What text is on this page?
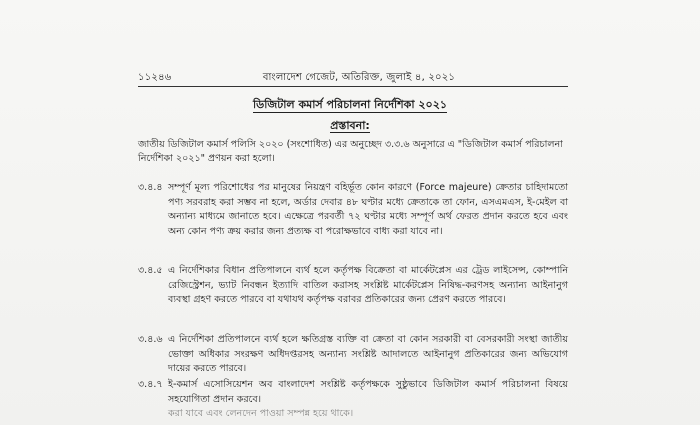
১১২৪৬	বাংলাদেশ গেজেট, অতিরিক্ত, জুলাই ৪, ২০২১
ডিজিটাল কমার্স পরিচালনা নির্দেশিকা ২০২১
প্রস্তাবনা:
জাতীয় ডিজিটাল কমার্স পলিসি ২০২০ (সংশোধিত) এর অনুচ্ছেদ ৩.৩.৬ অনুসারে এ "ডিজিটাল কমার্স পরিচালনা নির্দেশিকা ২০২১" প্রণয়ন করা হলো।
৩.৪.৪ সম্পূর্ণ মূল্য পরিশোধের পর মানুষের নিয়ন্ত্রণ বহির্ভূত কোন কারণে (Force majeure) ক্রেতার চাহিদামতো পণ্য সরবরাহ করা সম্ভব না হলে, অর্ডার দেবার ৪৮ ঘণ্টার মধ্যে ক্রেতাকে তা ফোন, এসএমএস, ই-মেইল বা অন্যান্য মাধ্যমে জানাতে হবে। এক্ষেত্রে পরবর্তী ৭২ ঘণ্টার মধ্যে সম্পূর্ণ অর্থ ফেরত প্রদান করতে হবে এবং অন্য কোন পণ্য ক্রয় করার জন্য প্রত্যক্ষ বা পরোক্ষভাবে বাধ্য করা যাবে না।
৩.৪.৫ এ নির্দেশিকার বিধান প্রতিপালনে ব্যর্থ হলে কর্তৃপক্ষ বিক্রেতা বা মার্কেটপ্লেস এর ট্রেড লাইসেন্স, কোম্পানি রেজিস্ট্রেশন, ভ্যাট নিবন্ধন ইত্যাদি বাতিল করাসহ সংশ্লিষ্ট মার্কেটপ্লেস নিষিদ্ধ-করণসহ অন্যান্য আইনানুগ ব্যবস্থা গ্রহণ করতে পারবে বা যথাযথ কর্তৃপক্ষ বরাবর প্রতিকারের জন্য প্রেরণ করতে পারবে।
৩.৪.৬ এ নির্দেশিকা প্রতিপালনে ব্যর্থ হলে ক্ষতিগ্রস্ত ব্যক্তি বা ক্রেতা বা কোন সরকারী বা বেসরকারী সংস্থা জাতীয় ভোক্তা অধিকার সংরক্ষণ অধিদপ্তরসহ অন্যান্য সংশ্লিষ্ট আদালতে আইনানুগ প্রতিকারের জন্য অভিযোগ দায়ের করতে পারবে।
৩.৪.৭ ই-কমার্স এসোসিয়েশন অব বাংলাদেশ সংশ্লিষ্ট কর্তৃপক্ষকে সুষ্ঠুভাবে ডিজিটাল কমার্স পরিচালনা বিষয়ে সহযোগিতা প্রদান করবে।
করা যাবে এবং লেনদেন পাওয়া সম্পন্ন হয়ে থাকে।
